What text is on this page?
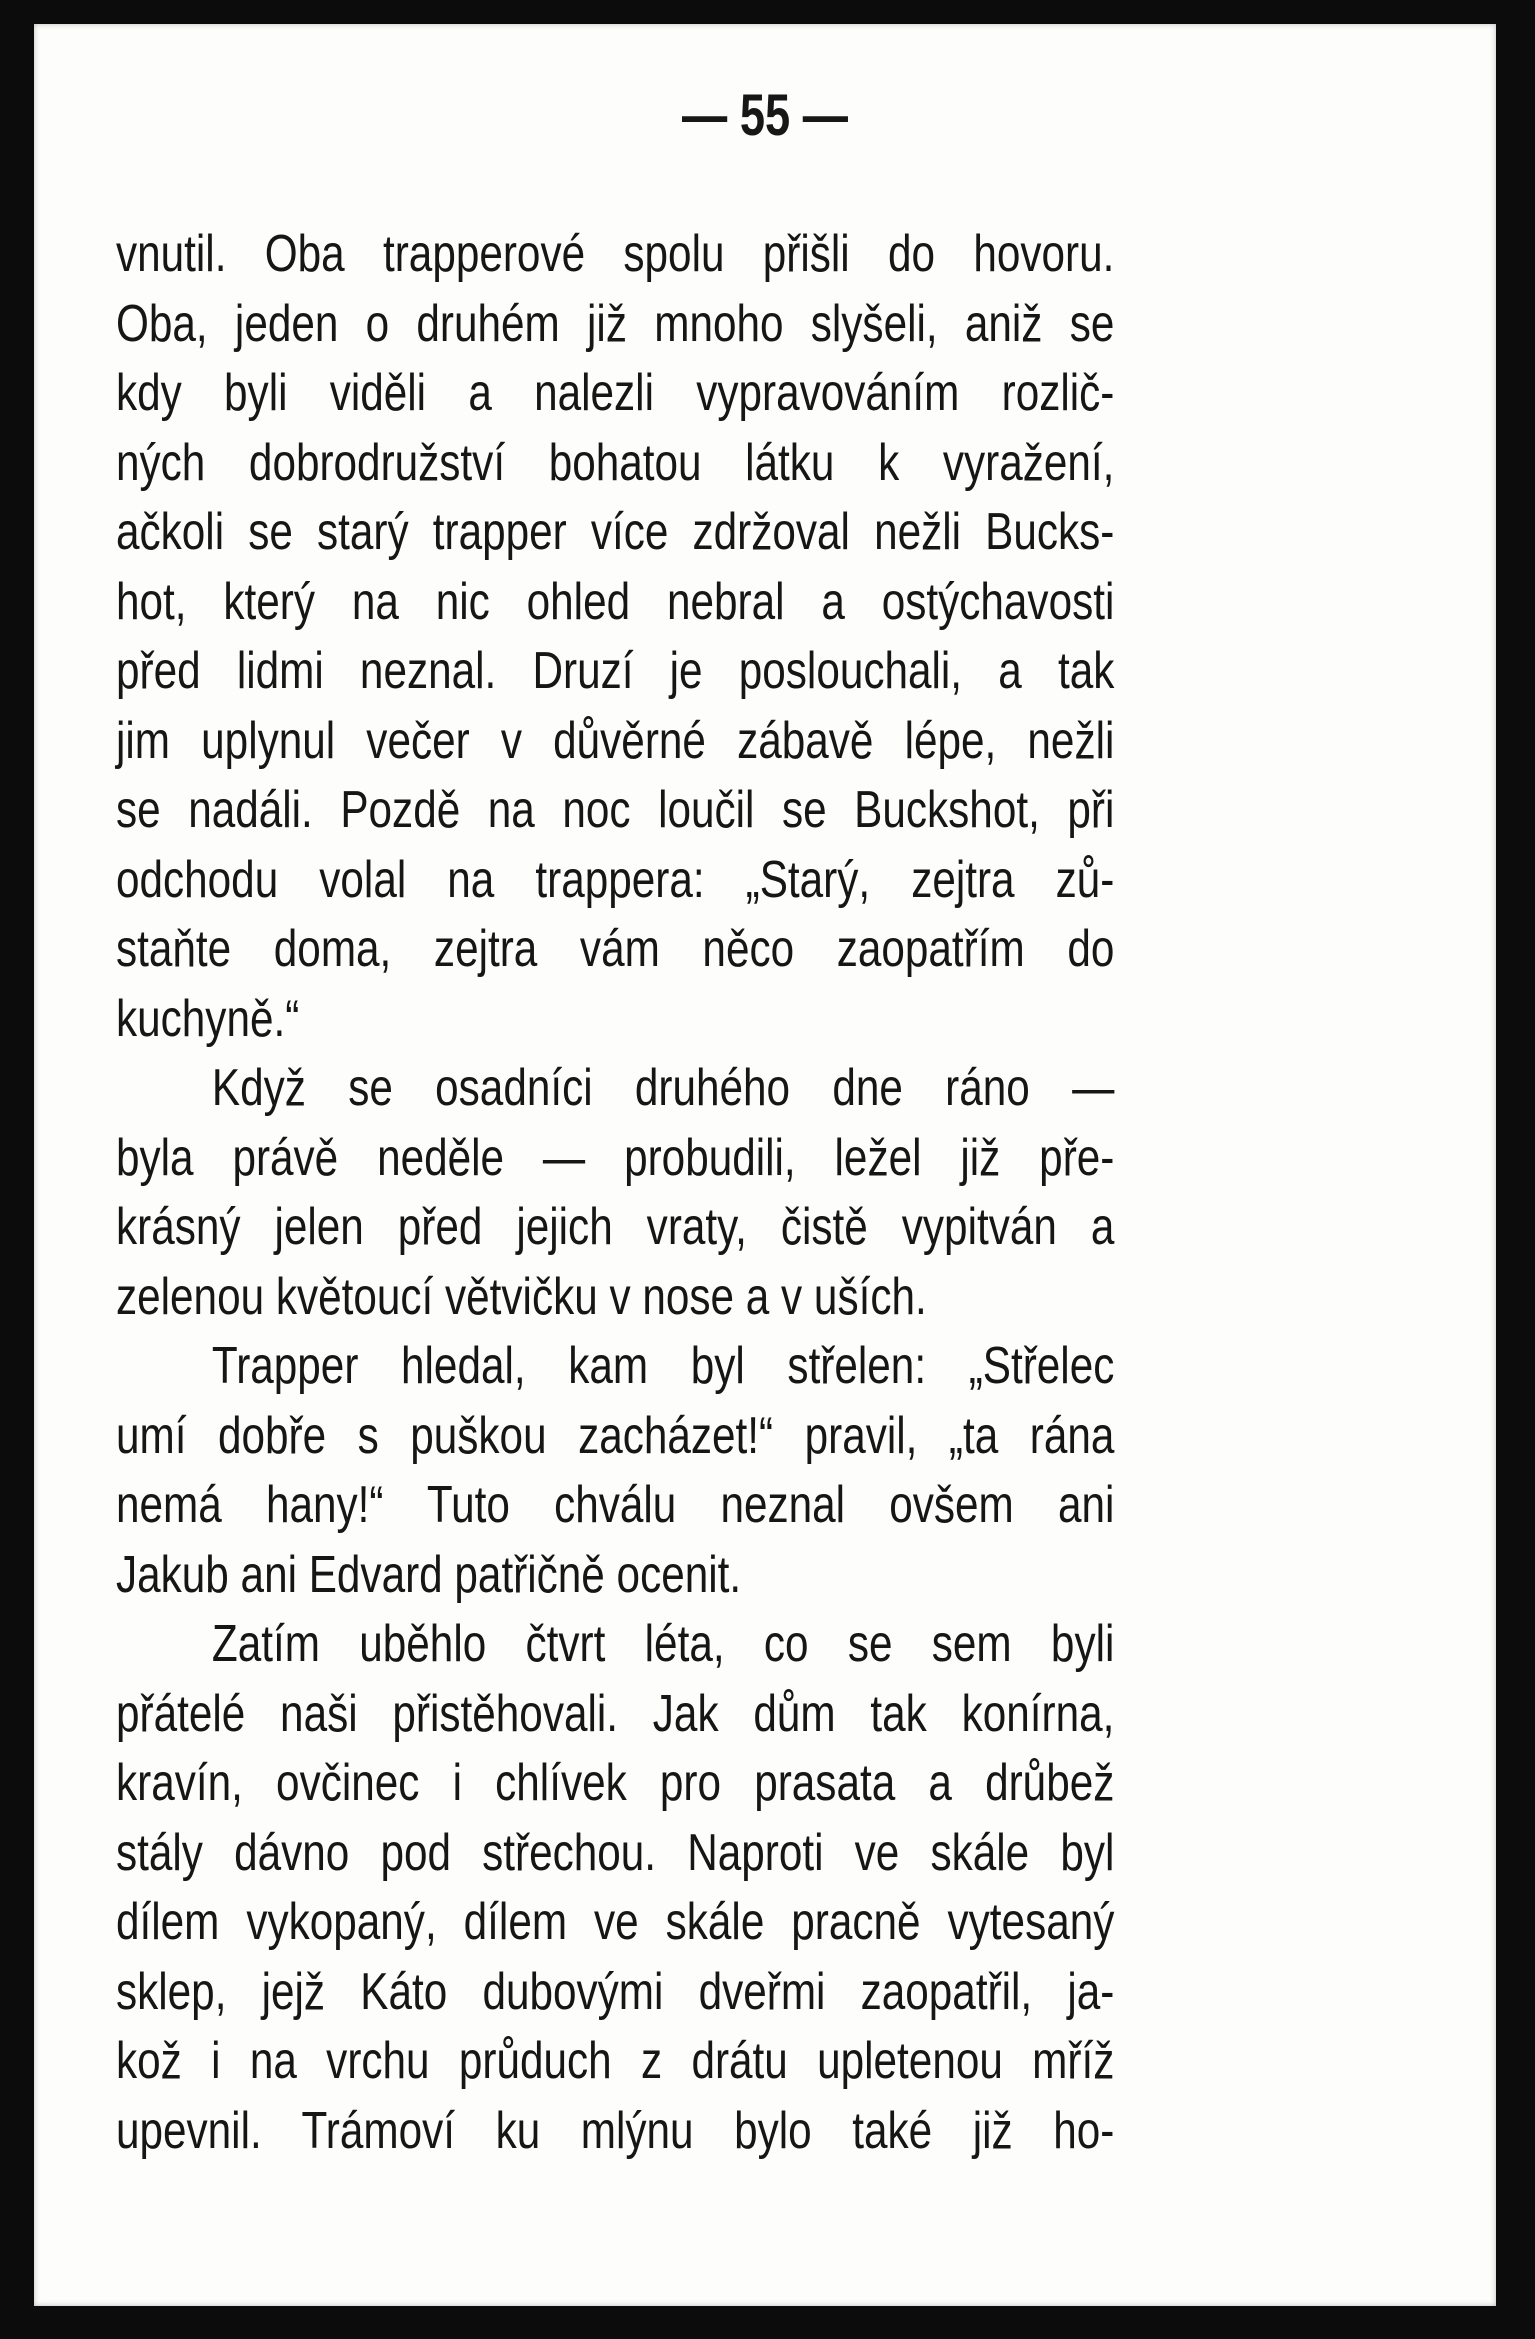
— 55 —
vnutil. Oba trapperové spolu přišli do hovoru.
Oba, jeden o druhém již mnoho slyšeli, aniž se
kdy byli viděli a nalezli vypravováním rozlič-
ných dobrodružství bohatou látku k vyražení,
ačkoli se starý trapper více zdržoval nežli Bucks-
hot, který na nic ohled nebral a ostýchavosti
před lidmi neznal. Druzí je poslouchali, a tak
jim uplynul večer v důvěrné zábavě lépe, nežli
se nadáli. Pozdě na noc loučil se Buckshot, při
odchodu volal na trappera: „Starý, zejtra zů-
staňte doma, zejtra vám něco zaopatřím do
kuchyně.“
Když se osadníci druhého dne ráno —
byla právě neděle — probudili, ležel již pře-
krásný jelen před jejich vraty, čistě vypitván a
zelenou květoucí větvičku v nose a v uších.
Trapper hledal, kam byl střelen: „Střelec
umí dobře s puškou zacházet!“ pravil, „ta rána
nemá hany!“ Tuto chválu neznal ovšem ani
Jakub ani Edvard patřičně ocenit.
Zatím uběhlo čtvrt léta, co se sem byli
přátelé naši přistěhovali. Jak dům tak konírna,
kravín, ovčinec i chlívek pro prasata a drůbež
stály dávno pod střechou. Naproti ve skále byl
dílem vykopaný, dílem ve skále pracně vytesaný
sklep, jejž Káto dubovými dveřmi zaopatřil, ja-
kož i na vrchu průduch z drátu upletenou mříž
upevnil. Trámoví ku mlýnu bylo také již ho-
